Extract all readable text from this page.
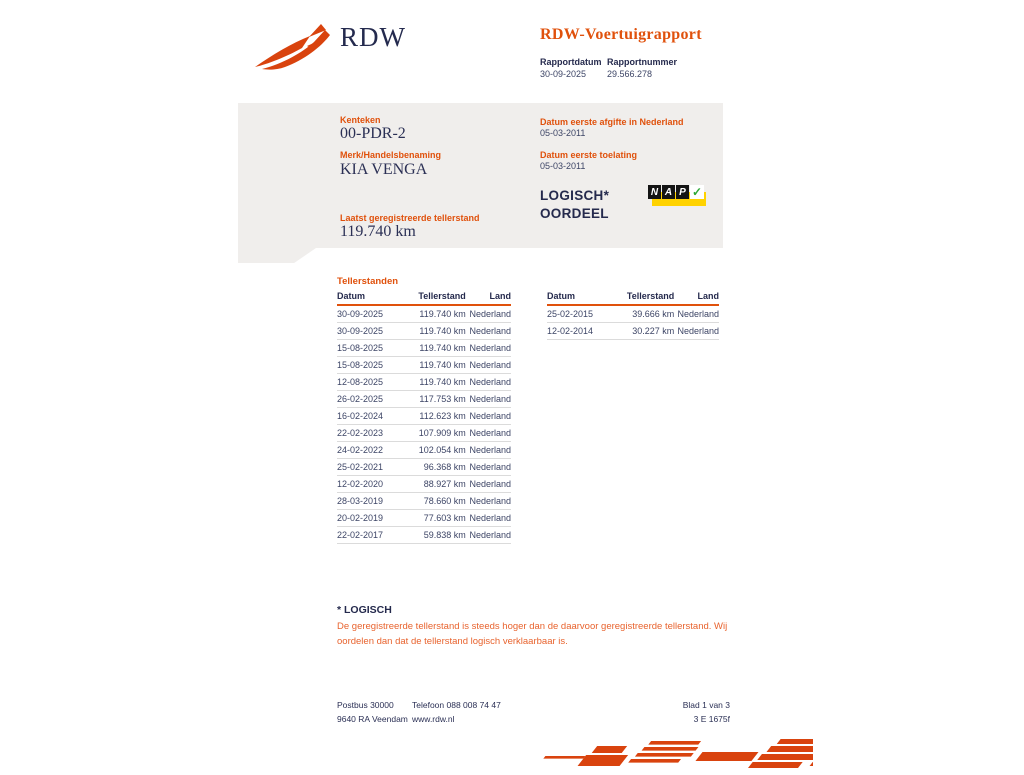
RDW	RDW-Voertuigrapport
Rapportdatum Rapportnummer
30-09-2025 29.566.278
Kenteken
00-PDR-2
Merk/Handelsbenaming
KIA VENGA
Laatst geregistreerde tellerstand
119.740 km
Datum eerste afgifte in Nederland
05-03-2011
Datum eerste toelating
05-03-2011
LOGISCH*
OORDEEL
N A P ✓
Tellerstanden
Datum	Tellerstand	Land
30-09-2025	119.740 km	Nederland
30-09-2025	119.740 km	Nederland
15-08-2025	119.740 km	Nederland
15-08-2025	119.740 km	Nederland
12-08-2025	119.740 km	Nederland
26-02-2025	117.753 km	Nederland
16-02-2024	112.623 km	Nederland
22-02-2023	107.909 km	Nederland
24-02-2022	102.054 km	Nederland
25-02-2021	96.368 km	Nederland
12-02-2020	88.927 km	Nederland
28-03-2019	78.660 km	Nederland
20-02-2019	77.603 km	Nederland
22-02-2017	59.838 km	Nederland
Datum	Tellerstand	Land
25-02-2015	39.666 km	Nederland
12-02-2014	30.227 km	Nederland
* LOGISCH
De geregistreerde tellerstand is steeds hoger dan de daarvoor geregistreerde tellerstand. Wij oordelen dan dat de tellerstand logisch verklaarbaar is.
Postbus 30000
9640 RA Veendam
Telefoon 088 008 74 47
www.rdw.nl
Blad 1 van 3
3 E 1675f
